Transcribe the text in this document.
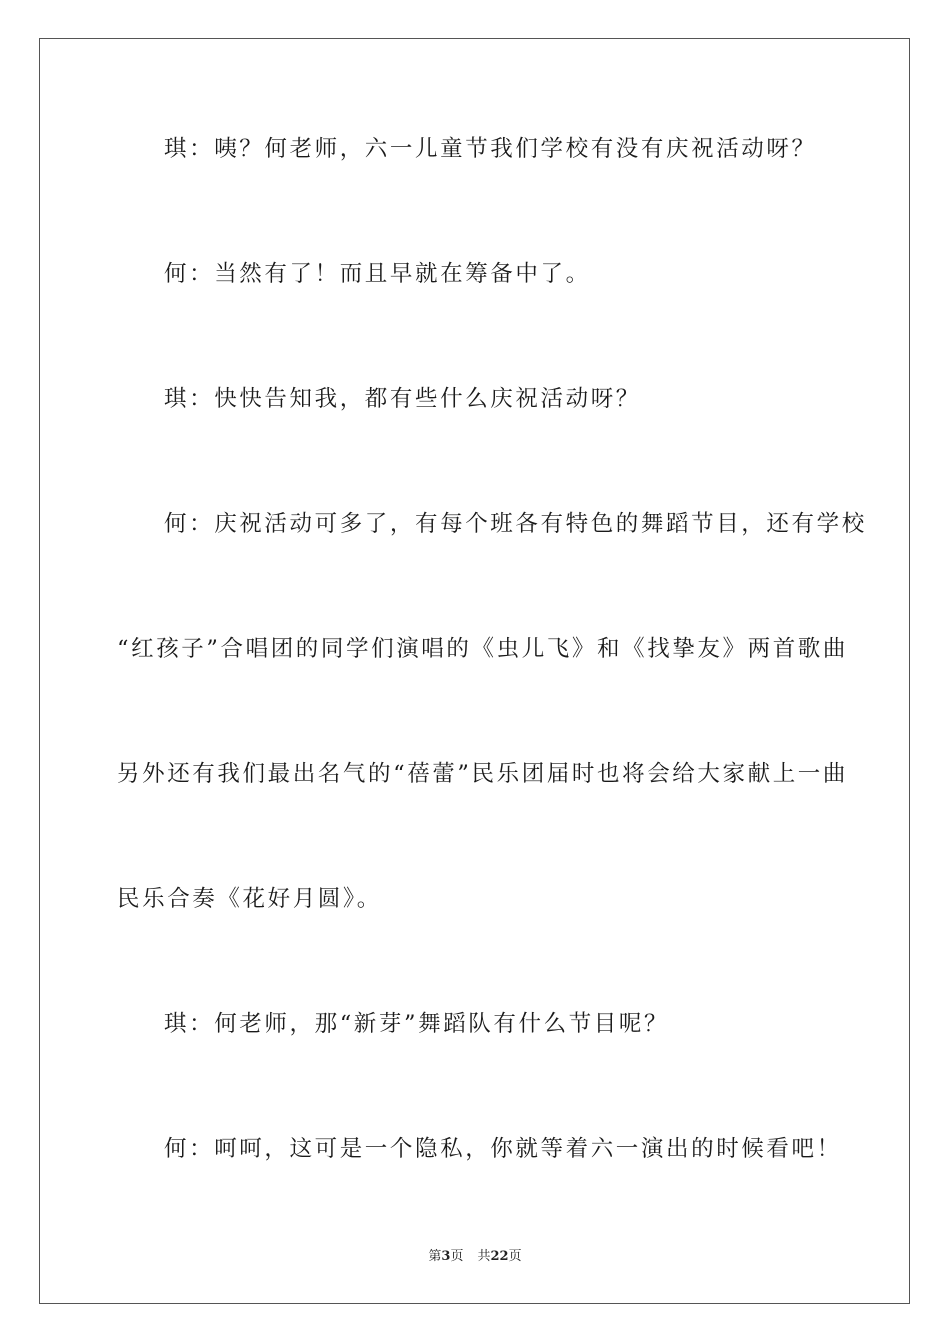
琪：咦？何老师，六一儿童节我们学校有没有庆祝活动呀？
何：当然有了！而且早就在筹备中了。
琪：快快告知我，都有些什么庆祝活动呀？
何：庆祝活动可多了，有每个班各有特色的舞蹈节目，还有学校
“红孩子”合唱团的同学们演唱的《虫儿飞》和《找挚友》两首歌曲
另外还有我们最出名气的“蓓蕾”民乐团届时也将会给大家献上一曲
民乐合奏《花好月圆》。
琪：何老师，那“新芽”舞蹈队有什么节目呢？
何：呵呵，这可是一个隐私，你就等着六一演出的时候看吧！
第3页 共22页
